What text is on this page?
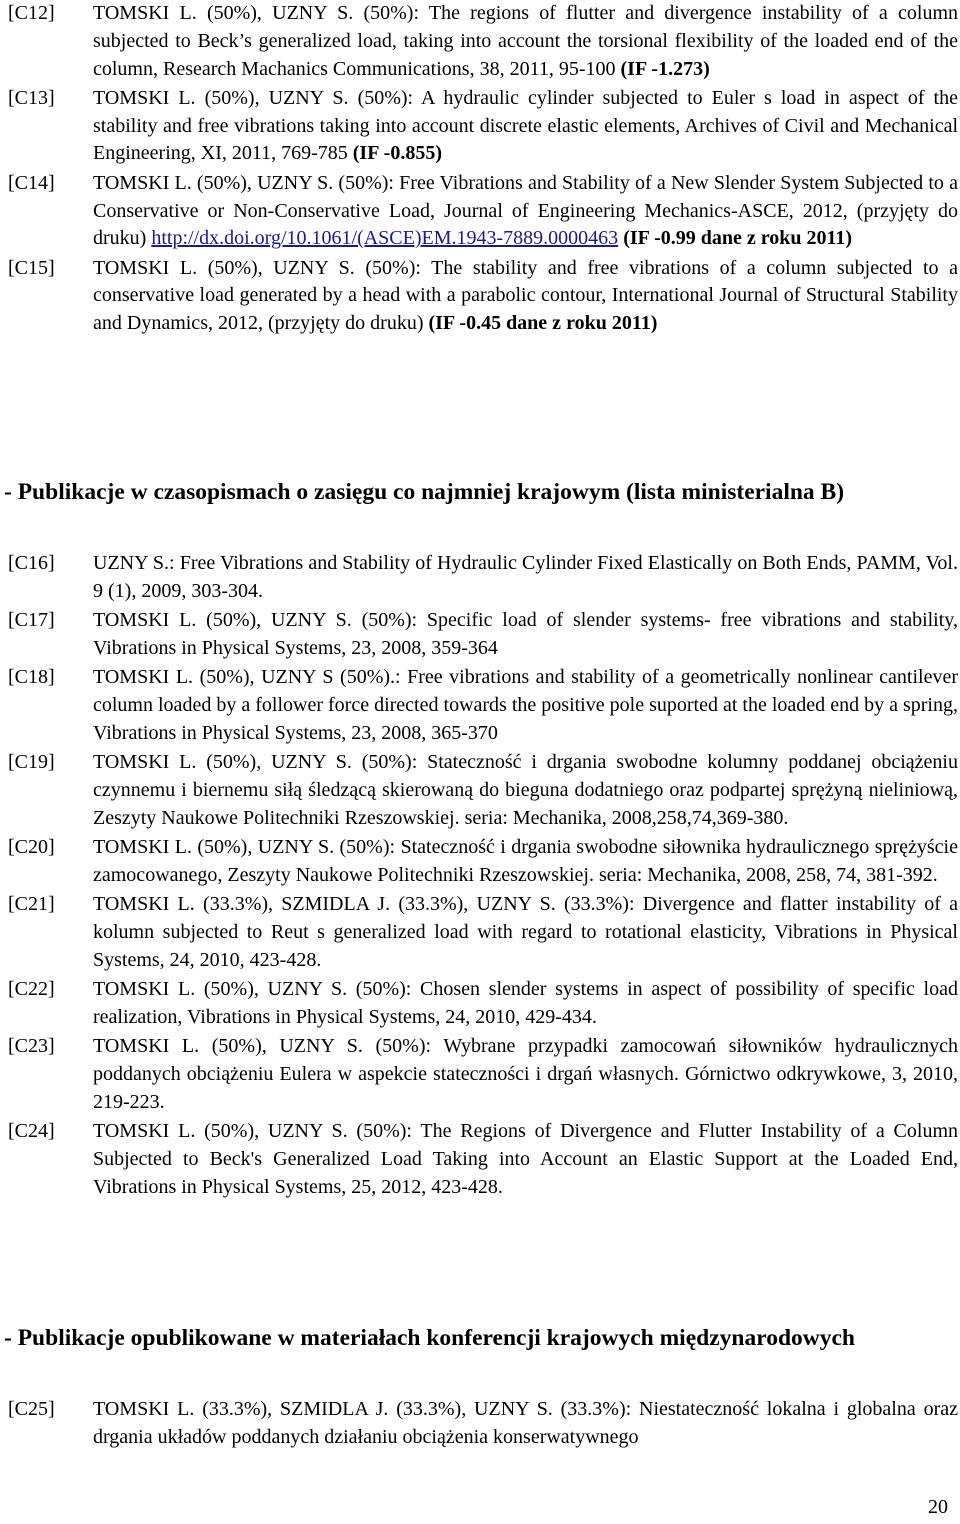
[C12]	TOMSKI L. (50%), UZNY S. (50%): The regions of flutter and divergence instability of a column subjected to Beck’s generalized load, taking into account the torsional flexibility of the loaded end of the column, Research Machanics Communications, 38, 2011, 95-100 (IF -1.273)
[C13]	TOMSKI L. (50%), UZNY S. (50%): A hydraulic cylinder subjected to Euler s load in aspect of the stability and free vibrations taking into account discrete elastic elements, Archives of Civil and Mechanical Engineering, XI, 2011, 769-785 (IF -0.855)
[C14]	TOMSKI L. (50%), UZNY S. (50%): Free Vibrations and Stability of a New Slender System Subjected to a Conservative or Non-Conservative Load, Journal of Engineering Mechanics-ASCE, 2012, (przyjęty do druku) http://dx.doi.org/10.1061/(ASCE)EM.1943-7889.0000463 (IF -0.99 dane z roku 2011)
[C15]	TOMSKI L. (50%), UZNY S. (50%): The stability and free vibrations of a column subjected to a conservative load generated by a head with a parabolic contour, International Journal of Structural Stability and Dynamics, 2012, (przyjęty do druku) (IF -0.45 dane z roku 2011)
- Publikacje w czasopismach o zasięgu co najmniej krajowym (lista ministerialna B)
[C16]	UZNY S.: Free Vibrations and Stability of Hydraulic Cylinder Fixed Elastically on Both Ends, PAMM, Vol. 9 (1), 2009, 303-304.
[C17]	TOMSKI L. (50%), UZNY S. (50%): Specific load of slender systems- free vibrations and stability, Vibrations in Physical Systems, 23, 2008, 359-364
[C18]	TOMSKI L. (50%), UZNY S (50%).: Free vibrations and stability of a geometrically nonlinear cantilever column loaded by a follower force directed towards the positive pole suported at the loaded end by a spring, Vibrations in Physical Systems, 23, 2008, 365-370
[C19]	TOMSKI L. (50%), UZNY S. (50%): Stateczność i drgania swobodne kolumny poddanej obciążeniu czynnemu i biernemu siłą śledzącą skierowaną do bieguna dodatniego oraz podpartej sprężyną nieliniową, Zeszyty Naukowe Politechniki Rzeszowskiej. seria: Mechanika, 2008,258,74,369-380.
[C20]	TOMSKI L. (50%), UZNY S. (50%): Stateczność i drgania swobodne siłownika hydraulicznego sprężyście zamocowanego, Zeszyty Naukowe Politechniki Rzeszowskiej. seria: Mechanika, 2008, 258, 74, 381-392.
[C21]	TOMSKI L. (33.3%), SZMIDLA J. (33.3%), UZNY S. (33.3%): Divergence and flatter instability of a kolumn subjected to Reut s generalized load with regard to rotational elasticity, Vibrations in Physical Systems, 24, 2010, 423-428.
[C22]	TOMSKI L. (50%), UZNY S. (50%): Chosen slender systems in aspect of possibility of specific load realization, Vibrations in Physical Systems, 24, 2010, 429-434.
[C23]	TOMSKI L. (50%), UZNY S. (50%): Wybrane przypadki zamocowań siłowników hydraulicznych poddanych obciążeniu Eulera w aspekcie stateczności i drgań własnych. Górnictwo odkrywkowe, 3, 2010, 219-223.
[C24]	TOMSKI L. (50%), UZNY S. (50%): The Regions of Divergence and Flutter Instability of a Column Subjected to Beck's Generalized Load Taking into Account an Elastic Support at the Loaded End, Vibrations in Physical Systems, 25, 2012, 423-428.
- Publikacje opublikowane w materiałach konferencji krajowych międzynarodowych
[C25]	TOMSKI L. (33.3%), SZMIDLA J. (33.3%), UZNY S. (33.3%): Niestateczność lokalna i globalna oraz drgania układów poddanych działaniu obciążenia konserwatywnego
20
